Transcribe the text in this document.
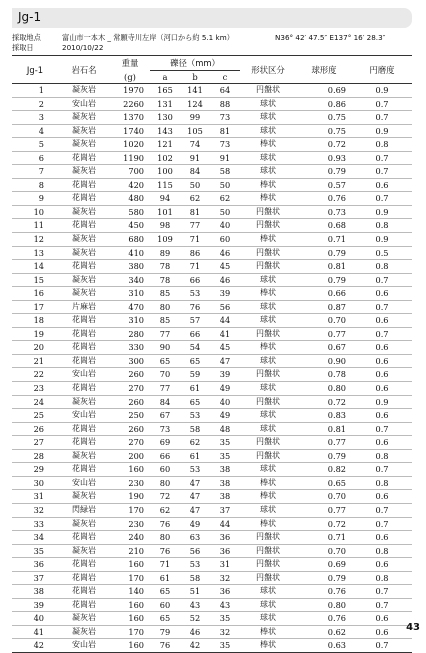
Jg-1
採取地点	富山市一本木 _ 常願寺川左岸（河口から約 5.1 km）	N36° 42′ 47.5″ E137° 16′ 28.3″
採取日	2010/10/22
Jg-1	岩石名	重量	礫径（mm）			形状区分	球形度	円磨度
		(g)	a	b	c			
1	凝灰岩	1970	165	141	64	円盤状	0.69	0.9
2	安山岩	2260	131	124	88	球状	0.86	0.7
3	凝灰岩	1370	130	99	73	球状	0.75	0.7
4	凝灰岩	1740	143	105	81	球状	0.75	0.9
5	凝灰岩	1020	121	74	73	棒状	0.72	0.8
6	花崗岩	1190	102	91	91	球状	0.93	0.7
7	凝灰岩	700	100	84	58	球状	0.79	0.7
8	花崗岩	420	115	50	50	棒状	0.57	0.6
9	花崗岩	480	94	62	62	棒状	0.76	0.7
10	凝灰岩	580	101	81	50	円盤状	0.73	0.9
11	花崗岩	450	98	77	40	円盤状	0.68	0.8
12	凝灰岩	680	109	71	60	棒状	0.71	0.9
13	凝灰岩	410	89	86	46	円盤状	0.79	0.5
14	花崗岩	380	78	71	45	円盤状	0.81	0.8
15	凝灰岩	340	78	66	46	球状	0.79	0.7
16	凝灰岩	310	85	53	39	棒状	0.66	0.6
17	片麻岩	470	80	76	56	球状	0.87	0.7
18	花崗岩	310	85	57	44	球状	0.70	0.6
19	花崗岩	280	77	66	41	円盤状	0.77	0.7
20	花崗岩	330	90	54	45	棒状	0.67	0.6
21	花崗岩	300	65	65	47	球状	0.90	0.6
22	安山岩	260	70	59	39	円盤状	0.78	0.6
23	花崗岩	270	77	61	49	球状	0.80	0.6
24	凝灰岩	260	84	65	40	円盤状	0.72	0.9
25	安山岩	250	67	53	49	球状	0.83	0.6
26	花崗岩	260	73	58	48	球状	0.81	0.7
27	花崗岩	270	69	62	35	円盤状	0.77	0.6
28	凝灰岩	200	66	61	35	円盤状	0.79	0.8
29	花崗岩	160	60	53	38	球状	0.82	0.7
30	安山岩	230	80	47	38	棒状	0.65	0.8
31	凝灰岩	190	72	47	38	棒状	0.70	0.6
32	閃緑岩	170	62	47	37	球状	0.77	0.7
33	凝灰岩	230	76	49	44	棒状	0.72	0.7
34	花崗岩	240	80	63	36	円盤状	0.71	0.6
35	凝灰岩	210	76	56	36	円盤状	0.70	0.8
36	花崗岩	160	71	53	31	円盤状	0.69	0.6
37	花崗岩	170	61	58	32	円盤状	0.79	0.8
38	花崗岩	140	65	51	36	球状	0.76	0.7
39	花崗岩	160	60	43	43	球状	0.80	0.7
40	凝灰岩	160	65	52	35	球状	0.76	0.6
41	凝灰岩	170	79	46	32	棒状	0.62	0.6
42	安山岩	160	76	42	35	棒状	0.63	0.7
43
